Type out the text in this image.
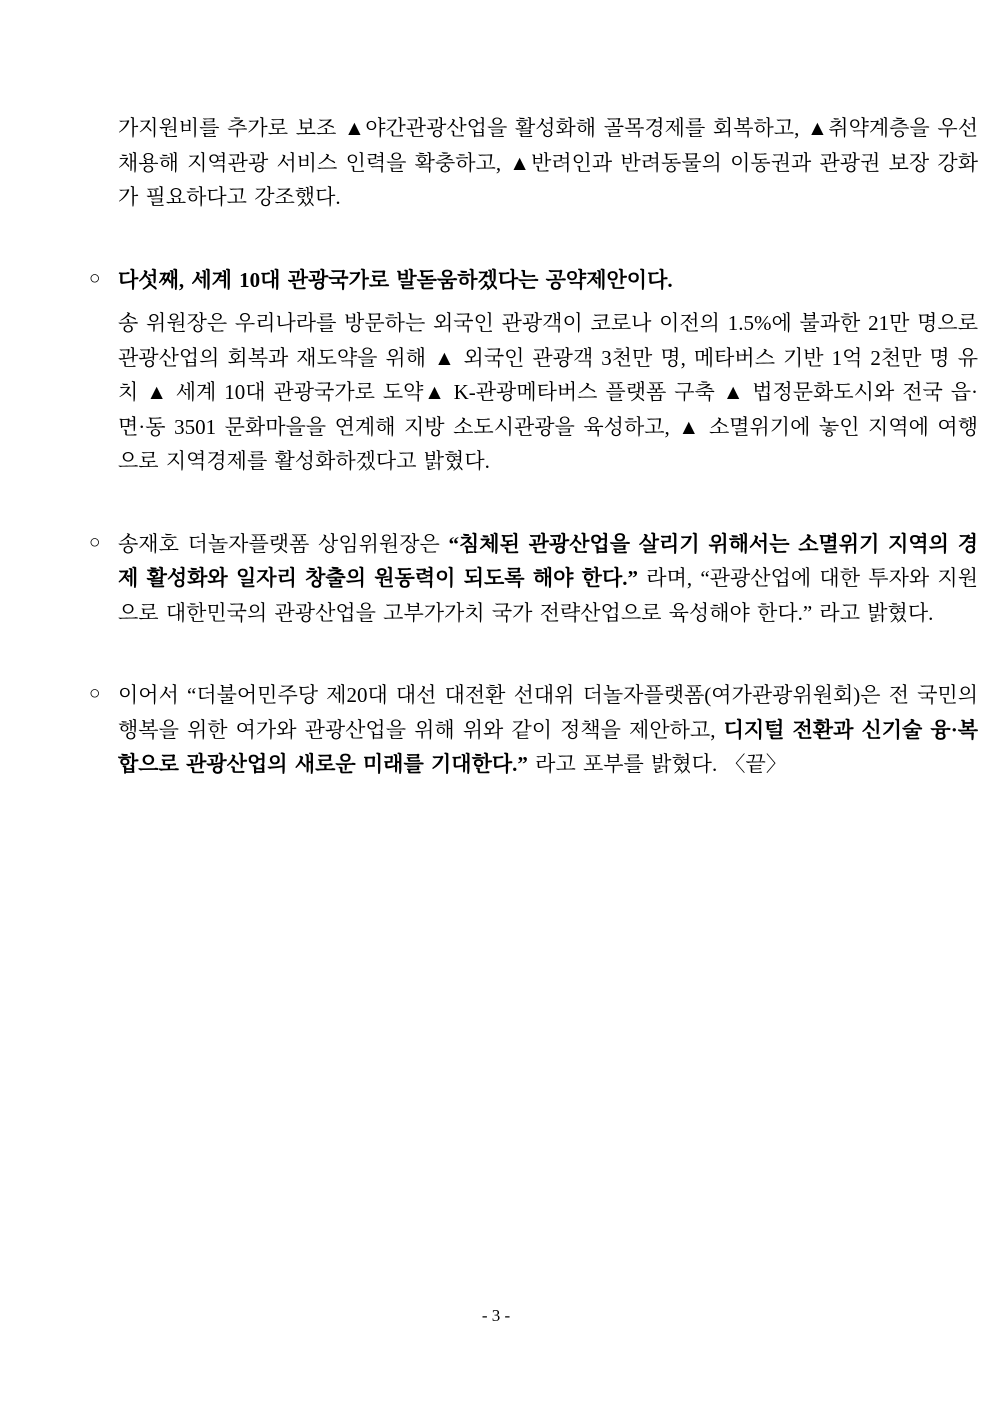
가지원비를 추가로 보조 ▲야간관광산업을 활성화해 골목경제를 회복하고, ▲취약계층을 우선 채용해 지역관광 서비스 인력을 확충하고, ▲반려인과 반려동물의 이동권과 관광권 보장 강화가 필요하다고 강조했다.

○ 다섯째, 세계 10대 관광국가로 발돋움하겠다는 공약제안이다.

송 위원장은 우리나라를 방문하는 외국인 관광객이 코로나 이전의 1.5%에 불과한 21만 명으로 관광산업의 회복과 재도약을 위해 ▲ 외국인 관광객 3천만 명, 메타버스 기반 1억 2천만 명 유치 ▲ 세계 10대 관광국가로 도약▲ K-관광메타버스 플랫폼 구축 ▲ 법정문화도시와 전국 읍·면·동 3501 문화마을을 연계해 지방 소도시관광을 육성하고, ▲ 소멸위기에 놓인 지역에 여행으로 지역경제를 활성화하겠다고 밝혔다.

○ 송재호 더놀자플랫폼 상임위원장은 “침체된 관광산업을 살리기 위해서는 소멸위기 지역의 경제 활성화와 일자리 창출의 원동력이 되도록 해야 한다.” 라며, “관광산업에 대한 투자와 지원으로 대한민국의 관광산업을 고부가가치 국가 전략산업으로 육성해야 한다.” 라고 밝혔다.

○ 이어서 “더불어민주당 제20대 대선 대전환 선대위 더놀자플랫폼(여가관광위원회)은 전 국민의 행복을 위한 여가와 관광산업을 위해 위와 같이 정책을 제안하고, 디지털 전환과 신기술 융·복합으로 관광산업의 새로운 미래를 기대한다.” 라고 포부를 밝혔다. 〈끝〉

- 3 -
